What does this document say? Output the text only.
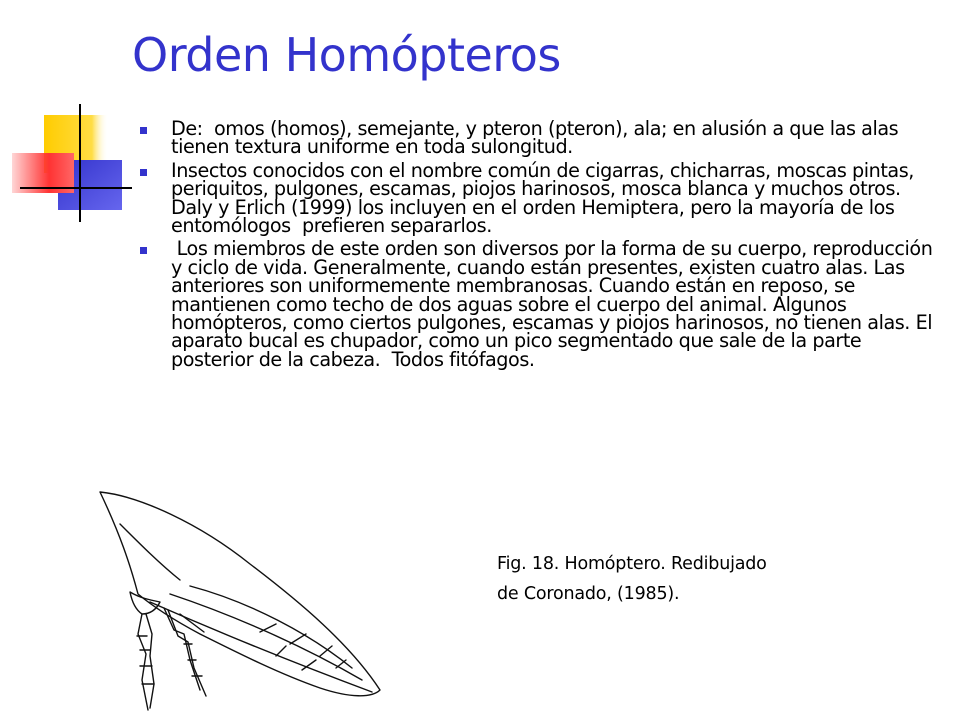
Orden Homópteros
De:  omos (homos), semejante, y pteron (pteron), ala; en alusión a que las alas tienen textura uniforme en toda sulongitud.
Insectos conocidos con el nombre común de cigarras, chicharras, moscas pintas, periquitos, pulgones, escamas, piojos harinosos, mosca blanca y muchos otros. Daly y Erlich (1999) los incluyen en el orden Hemiptera, pero la mayoría de los  entomólogos  prefieren separarlos.
Los miembros de este orden son diversos por la forma de su cuerpo, reproducción y ciclo de vida. Generalmente, cuando están presentes, existen cuatro alas. Las anteriores son uniformemente membranosas. Cuando están en reposo, se mantienen como techo de dos aguas sobre el cuerpo del animal. Algunos homópteros, como ciertos pulgones, escamas y piojos harinosos, no tienen alas. El aparato bucal es chupador, como un pico segmentado que sale de la parte posterior de la cabeza.  Todos fitófagos.
Fig. 18. Homóptero. Redibujado
de Coronado, (1985).
